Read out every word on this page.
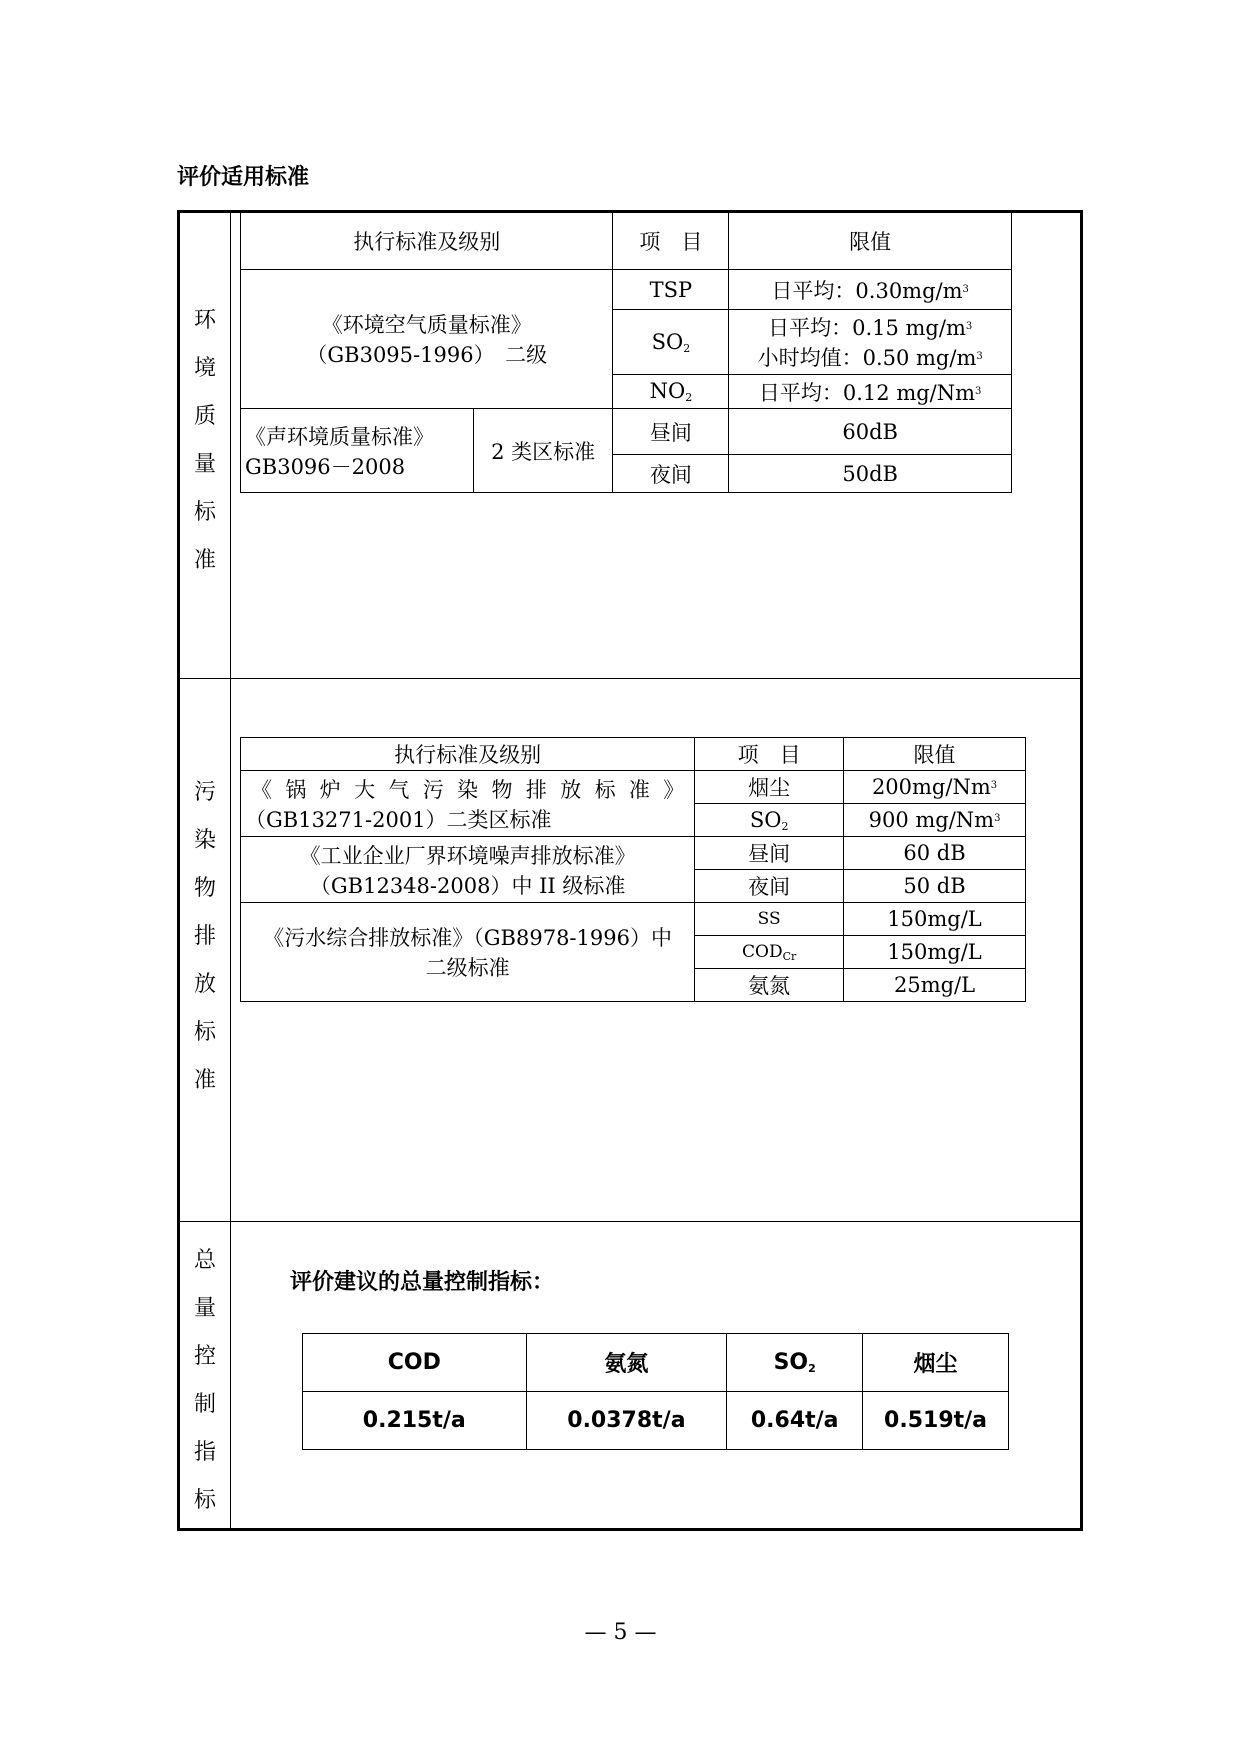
评价适用标准
环
境
质
量
标
准
污
染
物
排
放
标
准
总
量
控
制
指
标
执行标准及级别		项　目	限值

《环境空气质量标准》
（GB3095-1996）　二级		TSP	日平均：$0.30mg/m^3$
		$SO_2$	日平均：0.15 $mg/m^3$
小时均值：0.50 $mg/m^3$

		$NO_2$	日平均：0.12 mg/Nm$^3$

《声环境质量标准》
GB3096－2008	2 类区标准	昼间	60dB
		夜间	50dB
执行标准及级别	项　目	限值

《锅炉大气污染物排放标准》
（GB13271-2001）二类区标准	烟尘	200mg/Nm$^3$
	$SO_2$	900 mg/Nm$^3$

《工业企业厂界环境噪声排放标准》
（GB12348-2008）中 II 级标准	昼间	60 dB
	夜间	50 dB

《污水综合排放标准》（GB8978-1996）中
二级标准	SS	150mg/L
	$COD_{Cr}$	150mg/L
	氨氮	25mg/L
评价建议的总量控制指标：
COD	氨氮	$SO_2$	烟尘
0.215t/a	0.0378t/a	0.64t/a	0.519t/a
— 5 —
